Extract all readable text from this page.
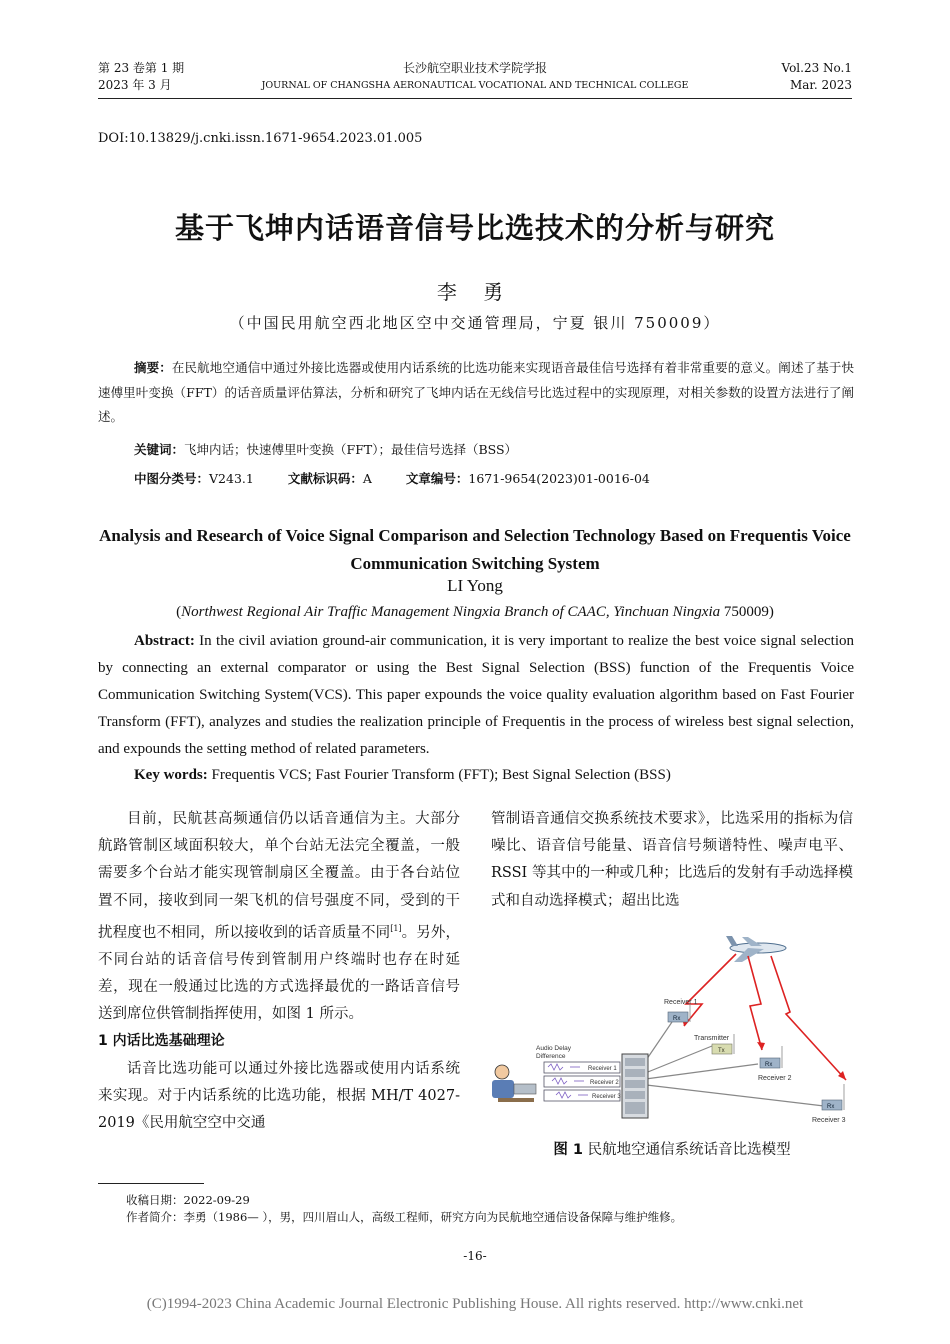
第 23 卷第 1 期
2023 年 3 月
长沙航空职业技术学院学报
JOURNAL OF CHANGSHA AERONAUTICAL VOCATIONAL AND TECHNICAL COLLEGE
Vol.23 No.1
Mar. 2023
DOI:10.13829/j.cnki.issn.1671-9654.2023.01.005
基于飞坤内话语音信号比选技术的分析与研究
李 勇
（中国民用航空西北地区空中交通管理局，宁夏 银川 750009）
摘要：在民航地空通信中通过外接比选器或使用内话系统的比选功能来实现语音最佳信号选择有着非常重要的意义。阐述了基于快速傅里叶变换（FFT）的话音质量评估算法，分析和研究了飞坤内话在无线信号比选过程中的实现原理，对相关参数的设置方法进行了阐述。
关键词：飞坤内话；快速傅里叶变换（FFT）；最佳信号选择（BSS）
中图分类号：V243.1	文献标识码：A	文章编号：1671-9654(2023)01-0016-04
Analysis and Research of Voice Signal Comparison and Selection Technology Based on Frequentis Voice Communication Switching System
LI Yong
(Northwest Regional Air Traffic Management Ningxia Branch of CAAC, Yinchuan Ningxia 750009)
Abstract: In the civil aviation ground-air communication, it is very important to realize the best voice signal selection by connecting an external comparator or using the Best Signal Selection (BSS) function of the Frequentis Voice Communication Switching System(VCS). This paper expounds the voice quality evaluation algorithm based on Fast Fourier Transform (FFT), analyzes and studies the realization principle of Frequentis in the process of wireless best signal selection, and expounds the setting method of related parameters.
Key words: Frequentis VCS; Fast Fourier Transform (FFT); Best Signal Selection (BSS)
目前，民航甚高频通信仍以话音通信为主。大部分航路管制区域面积较大，单个台站无法完全覆盖，一般需要多个台站才能实现管制扇区全覆盖。由于各台站位置不同，接收到同一架飞机的信号强度不同，受到的干扰程度也不相同，所以接收到的话音质量不同[1]。另外，不同台站的话音信号传到管制用户终端时也存在时延差，现在一般通过比选的方式选择最优的一路话音信号送到席位供管制指挥使用，如图 1 所示。
1 内话比选基础理论
话音比选功能可以通过外接比选器或使用内话系统来实现。对于内话系统的比选功能，根据 MH/T 4027-2019《民用航空空中交通
管制语音通信交换系统技术要求》，比选采用的指标为信噪比、语音信号能量、语音信号频谱特性、噪声电平、RSSI 等其中的一种或几种；比选后的发射有手动选择模式和自动选择模式；超出比选
Receiver 1
Rx
Transmitter
Tx
Rx
Receiver 2
Rx
Receiver 3
Audio Delay
Difference
Receiver 1
Receiver 2
Receiver 3
图 1 民航地空通信系统话音比选模型
收稿日期：2022-09-29
作者简介：李勇（1986— ），男，四川眉山人，高级工程师，研究方向为民航地空通信设备保障与维护维修。
-16-
(C)1994-2023 China Academic Journal Electronic Publishing House. All rights reserved. http://www.cnki.net
